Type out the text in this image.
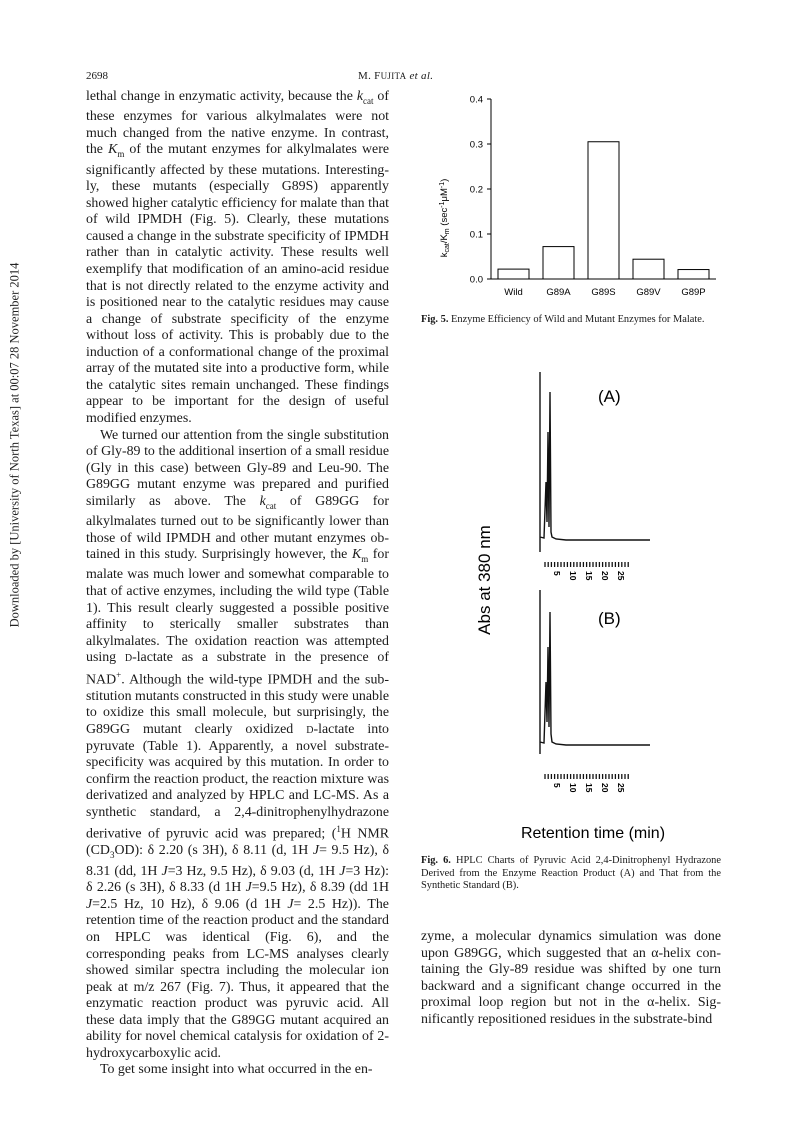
2698	M. FUJITA et al.
Downloaded by [University of North Texas] at 00:07 28 November 2014

lethal change in enzymatic activity, because the $k_{cat}$ of these enzymes for various alkylmalates were not much changed from the native enzyme. In contrast, the $K_m$ of the mutant enzymes for alkylmalates were significantly affected by these mutations. Interestingly, these mutants (especially G89S) apparently showed higher catalytic efficiency for malate than that of wild IPMDH (Fig. 5). Clearly, these mutations caused a change in the substrate specificity of IPMDH rather than in catalytic activity. These results well exemplify that modification of an amino-acid residue that is not directly related to the enzyme activity and is positioned near to the catalytic residues may cause a change of substrate specificity of the enzyme without loss of activity. This is probably due to the induction of a conformational change of the proximal array of the mutated site into a productive form, while the catalytic sites remain unchanged. These findings appear to be important for the design of useful modified enzymes.

We turned our attention from the single substitution of Gly-89 to the additional insertion of a small residue (Gly in this case) between Gly-89 and Leu-90. The G89GG mutant enzyme was prepared and purified similarly as above. The $k_{cat}$ of G89GG for alkylmalates turned out to be significantly lower than those of wild IPMDH and other mutant enzymes obtained in this study. Surprisingly however, the $K_m$ for malate was much lower and somewhat comparable to that of active enzymes, including the wild type (Table 1). This result clearly suggested a possible positive affinity to sterically smaller substrates than alkylmalates. The oxidation reaction was attempted using d-lactate as a substrate in the presence of NAD+. Although the wild-type IPMDH and the substitution mutants constructed in this study were unable to oxidize this small molecule, but surprisingly, the G89GG mutant clearly oxidized d-lactate into pyruvate (Table 1). Apparently, a novel substrate-specificity was acquired by this mutation. In order to confirm the reaction product, the reaction mixture was derivatized and analyzed by HPLC and LC-MS. As a synthetic standard, a 2,4-dinitrophenylhydrazone derivative of pyruvic acid was prepared; ($^1$H NMR $(CD_3OD)$: δ 2.20 (s 3H), δ 8.11 (d, 1H J= 9.5 Hz), δ 8.31 (dd, 1H J=3 Hz, 9.5 Hz), δ 9.03 (d, 1H J=3 Hz): δ 2.26 (s 3H), δ 8.33 (d 1H J=9.5 Hz), δ 8.39 (dd 1H J=2.5 Hz, 10 Hz), δ 9.06 (d 1H J= 2.5 Hz)). The retention time of the reaction product and the standard on HPLC was identical (Fig. 6), and the corresponding peaks from LC-MS analyses clearly showed similar spectra including the molecular ion peak at m/z 267 (Fig. 7). Thus, it appeared that the enzymatic reaction product was pyruvic acid. All these data imply that the G89GG mutant acquired an ability for novel chemical catalysis for oxidation of 2-hydroxycarboxylic acid.

To get some insight into what occurred in the en-

$k_{cat}/K_m$ $(\sec^{-1}\mu M^{-1})$
0.0
0.1
0.2
0.3
0.4
Wild G89A G89S G89V G89P
Fig. 5. Enzyme Efficiency of Wild and Mutant Enzymes for Malate.
(A)
5 10 15 20 25
Abs at 380 nm	(B)
5 10 15 20 25
Retention time (min)
Fig. 6. HPLC Charts of Pyruvic Acid 2,4-Dinitrophenyl Hydrazone Derived from the Enzyme Reaction Product (A) and That from the Synthetic Standard (B).

zyme, a molecular dynamics simulation was done upon G89GG, which suggested that an α-helix containing the Gly-89 residue was shifted by one turn backward and a significant change occurred in the proximal loop region but not in the α-helix. Significantly repositioned residues in the substrate-bind
